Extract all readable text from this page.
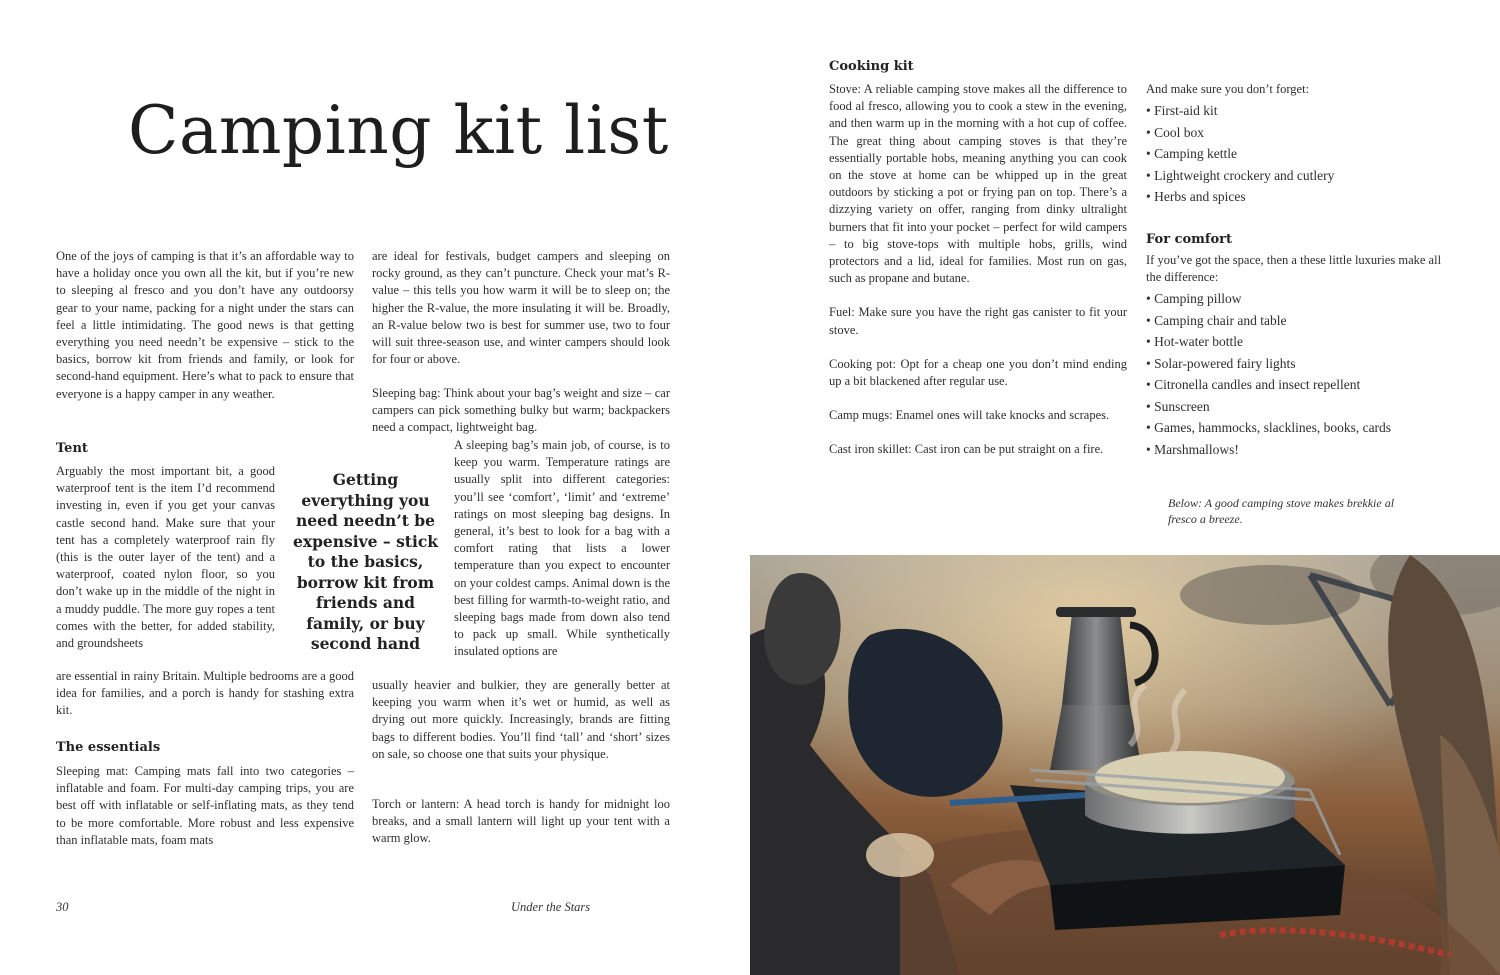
Camping kit list

One of the joys of camping is that it’s an affordable way to have a holiday once you own all the kit, but if you’re new to sleeping al fresco and you don’t have any outdoorsy gear to your name, packing for a night under the stars can feel a little intimidating. The good news is that getting everything you need needn’t be expensive – stick to the basics, borrow kit from friends and family, or look for second-hand equipment. Here’s what to pack to ensure that everyone is a happy camper in any weather.

Tent

Arguably the most important bit, a good waterproof tent is the item I’d recommend investing in, even if you get your canvas castle second hand. Make sure that your tent has a completely waterproof rain fly (this is the outer layer of the tent) and a waterproof, coated nylon floor, so you don’t wake up in the middle of the night in a muddy puddle. The more guy ropes a tent comes with the better, for added stability, and groundsheets

are essential in rainy Britain. Multiple bedrooms are a good idea for families, and a porch is handy for stashing extra kit.

The essentials

Sleeping mat: Camping mats fall into two categories – inflatable and foam. For multi-day camping trips, you are best off with inflatable or self-inflating mats, as they tend to be more comfortable. More robust and less expensive than inflatable mats, foam mats

Getting everything you need needn’t be expensive – stick to the basics, borrow kit from friends and family, or buy second hand

are ideal for festivals, budget campers and sleeping on rocky ground, as they can’t puncture. Check your mat’s R-value – this tells you how warm it will be to sleep on; the higher the R-value, the more insulating it will be. Broadly, an R-value below two is best for summer use, two to four will suit three-season use, and winter campers should look for four or above.

Sleeping bag: Think about your bag’s weight and size – car campers can pick something bulky but warm; backpackers need a compact, lightweight bag.

A sleeping bag’s main job, of course, is to keep you warm. Temperature ratings are usually split into different categories: you’ll see ‘comfort’, ‘limit’ and ‘extreme’ ratings on most sleeping bag designs. In general, it’s best to look for a bag with a comfort rating that lists a lower temperature than you expect to encounter on your coldest camps. Animal down is the best filling for warmth-to-weight ratio, and sleeping bags made from down also tend to pack up small. While synthetically insulated options are

usually heavier and bulkier, they are generally better at keeping you warm when it’s wet or humid, as well as drying out more quickly. Increasingly, brands are fitting bags to different bodies. You’ll find ‘tall’ and ‘short’ sizes on sale, so choose one that suits your physique.

Torch or lantern: A head torch is handy for midnight loo breaks, and a small lantern will light up your tent with a warm glow.

30	Under the Stars
Cooking kit

Stove: A reliable camping stove makes all the difference to food al fresco, allowing you to cook a stew in the evening, and then warm up in the morning with a hot cup of coffee. The great thing about camping stoves is that they’re essentially portable hobs, meaning anything you can cook on the stove at home can be whipped up in the great outdoors by sticking a pot or frying pan on top. There’s a dizzying variety on offer, ranging from dinky ultralight burners that fit into your pocket – perfect for wild campers – to big stove-tops with multiple hobs, grills, wind protectors and a lid, ideal for families. Most run on gas, such as propane and butane.

Fuel: Make sure you have the right gas canister to fit your stove.

Cooking pot: Opt for a cheap one you don’t mind ending up a bit blackened after regular use.

Camp mugs: Enamel ones will take knocks and scrapes.

Cast iron skillet: Cast iron can be put straight on a fire.

And make sure you don’t forget:
• First-aid kit
• Cool box
• Camping kettle
• Lightweight crockery and cutlery
• Herbs and spices
For comfort
If you’ve got the space, then a these little luxuries make all the difference:
• Camping pillow
• Camping chair and table
• Hot-water bottle
• Solar-powered fairy lights
• Citronella candles and insect repellent
• Sunscreen
• Games, hammocks, slacklines, books, cards
• Marshmallows!
Below: A good camping stove makes brekkie al fresco a breeze.
